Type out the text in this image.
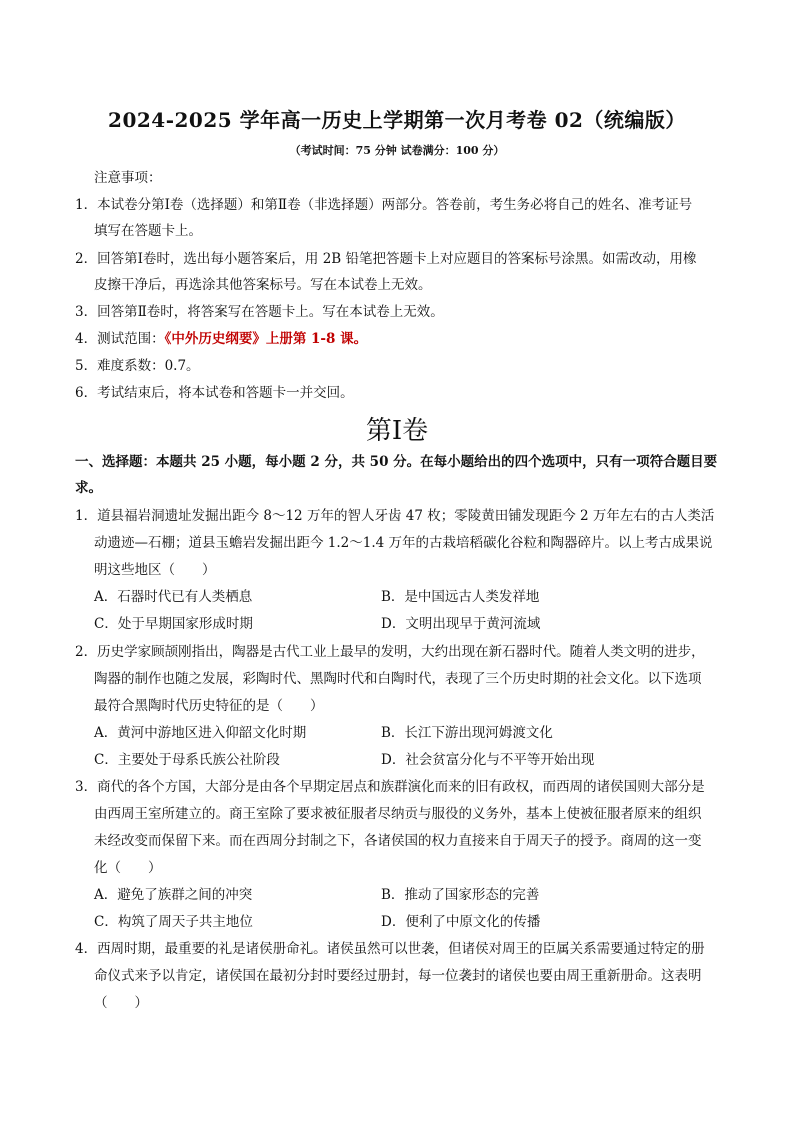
2024-2025 学年高一历史上学期第一次月考卷 02（统编版）
（考试时间：75 分钟 试卷满分：100 分）
注意事项：
1．本试卷分第Ⅰ卷（选择题）和第Ⅱ卷（非选择题）两部分。答卷前，考生务必将自己的姓名、准考证号
填写在答题卡上。
2．回答第Ⅰ卷时，选出每小题答案后，用 2B 铅笔把答题卡上对应题目的答案标号涂黑。如需改动，用橡
皮擦干净后，再选涂其他答案标号。写在本试卷上无效。
3．回答第Ⅱ卷时，将答案写在答题卡上。写在本试卷上无效。
4．测试范围：《中外历史纲要》上册第 1-8 课。
5．难度系数：0.7。
6．考试结束后，将本试卷和答题卡一并交回。
第Ⅰ卷
一、选择题：本题共 25 小题，每小题 2 分，共 50 分。在每小题给出的四个选项中，只有一项符合题目要
求。
1．道县福岩洞遗址发掘出距今 8～12 万年的智人牙齿 47 枚；零陵黄田铺发现距今 2 万年左右的古人类活
动遗迹—石棚；道县玉蟾岩发掘出距今 1.2～1.4 万年的古栽培稻碳化谷粒和陶器碎片。以上考古成果说
明这些地区（　　）
A．石器时代已有人类栖息	B．是中国远古人类发祥地
C．处于早期国家形成时期	D．文明出现早于黄河流域
2．历史学家顾颉刚指出，陶器是古代工业上最早的发明，大约出现在新石器时代。随着人类文明的进步，
陶器的制作也随之发展，彩陶时代、黑陶时代和白陶时代，表现了三个历史时期的社会文化。以下选项
最符合黑陶时代历史特征的是（　　）
A．黄河中游地区进入仰韶文化时期	B．长江下游出现河姆渡文化
C．主要处于母系氏族公社阶段	D．社会贫富分化与不平等开始出现
3．商代的各个方国，大部分是由各个早期定居点和族群演化而来的旧有政权，而西周的诸侯国则大部分是
由西周王室所建立的。商王室除了要求被征服者尽纳贡与服役的义务外，基本上使被征服者原来的组织
未经改变而保留下来。而在西周分封制之下，各诸侯国的权力直接来自于周天子的授予。商周的这一变
化（　　）
A．避免了族群之间的冲突	B．推动了国家形态的完善
C．构筑了周天子共主地位	D．便利了中原文化的传播
4．西周时期，最重要的礼是诸侯册命礼。诸侯虽然可以世袭，但诸侯对周王的臣属关系需要通过特定的册
命仪式来予以肯定，诸侯国在最初分封时要经过册封，每一位袭封的诸侯也要由周王重新册命。这表明
（　　）
